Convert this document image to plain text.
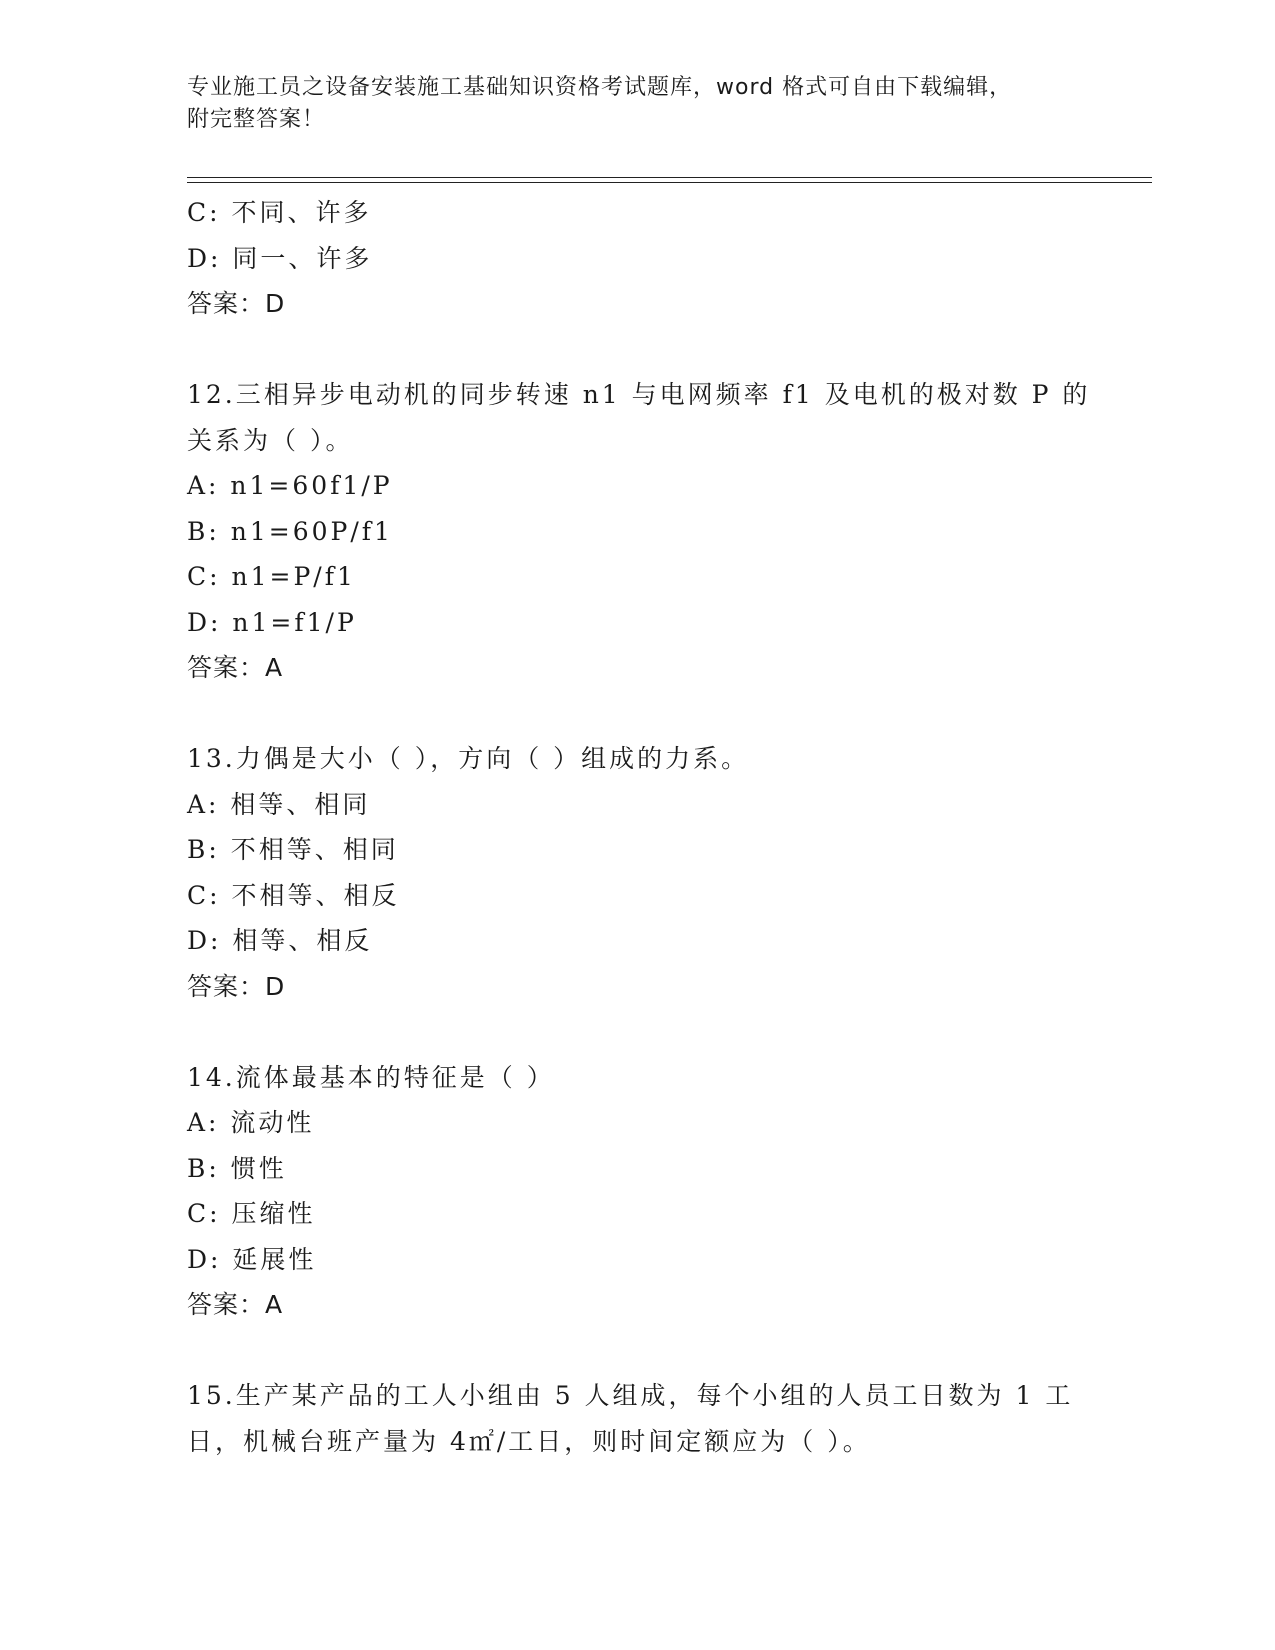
专业施工员之设备安装施工基础知识资格考试题库，word 格式可自由下载编辑，
附完整答案！
C: 不同、许多
D: 同一、许多
答案：D
12.三相异步电动机的同步转速 n1 与电网频率 f1 及电机的极对数 P 的
关系为（ ）。
A: n1=60f1/P
B: n1=60P/f1
C: n1=P/f1
D: n1=f1/P
答案：A
13.力偶是大小（ ），方向（ ）组成的力系。
A: 相等、相同
B: 不相等、相同
C: 不相等、相反
D: 相等、相反
答案：D
14.流体最基本的特征是（ ）
A: 流动性
B: 惯性
C: 压缩性
D: 延展性
答案：A
15.生产某产品的工人小组由 5 人组成，每个小组的人员工日数为 1 工
日，机械台班产量为 4㎡/工日，则时间定额应为（ ）。
